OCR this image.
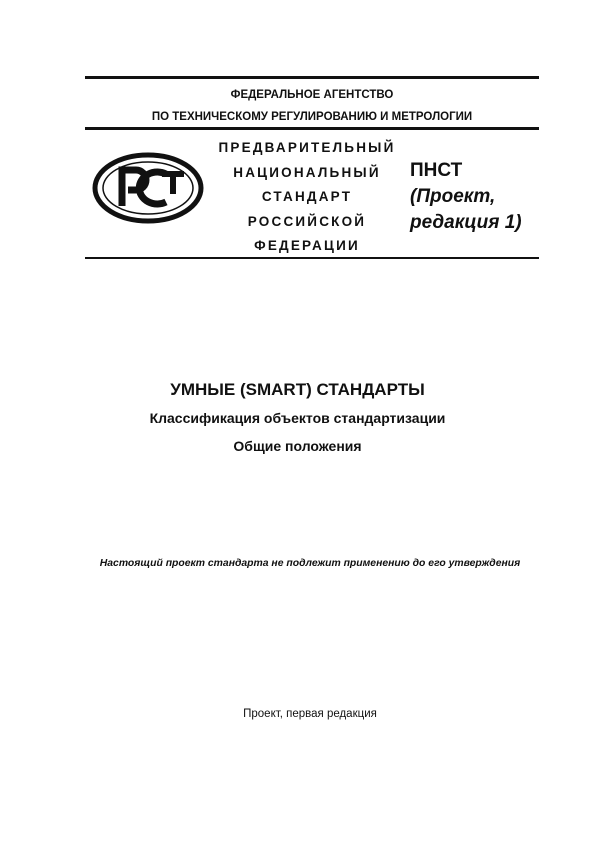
ФЕДЕРАЛЬНОЕ АГЕНТСТВО
ПО ТЕХНИЧЕСКОМУ РЕГУЛИРОВАНИЮ И МЕТРОЛОГИИ
ПРЕДВАРИТЕЛЬНЫЙ
НАЦИОНАЛЬНЫЙ
СТАНДАРТ
РОССИЙСКОЙ
ФЕДЕРАЦИИ
ПНСТ
(Проект,
редакция 1)
УМНЫЕ (SMART) СТАНДАРТЫ
Классификация объектов стандартизации
Общие положения
Настоящий проект стандарта не подлежит применению до его утверждения
Проект, первая редакция
